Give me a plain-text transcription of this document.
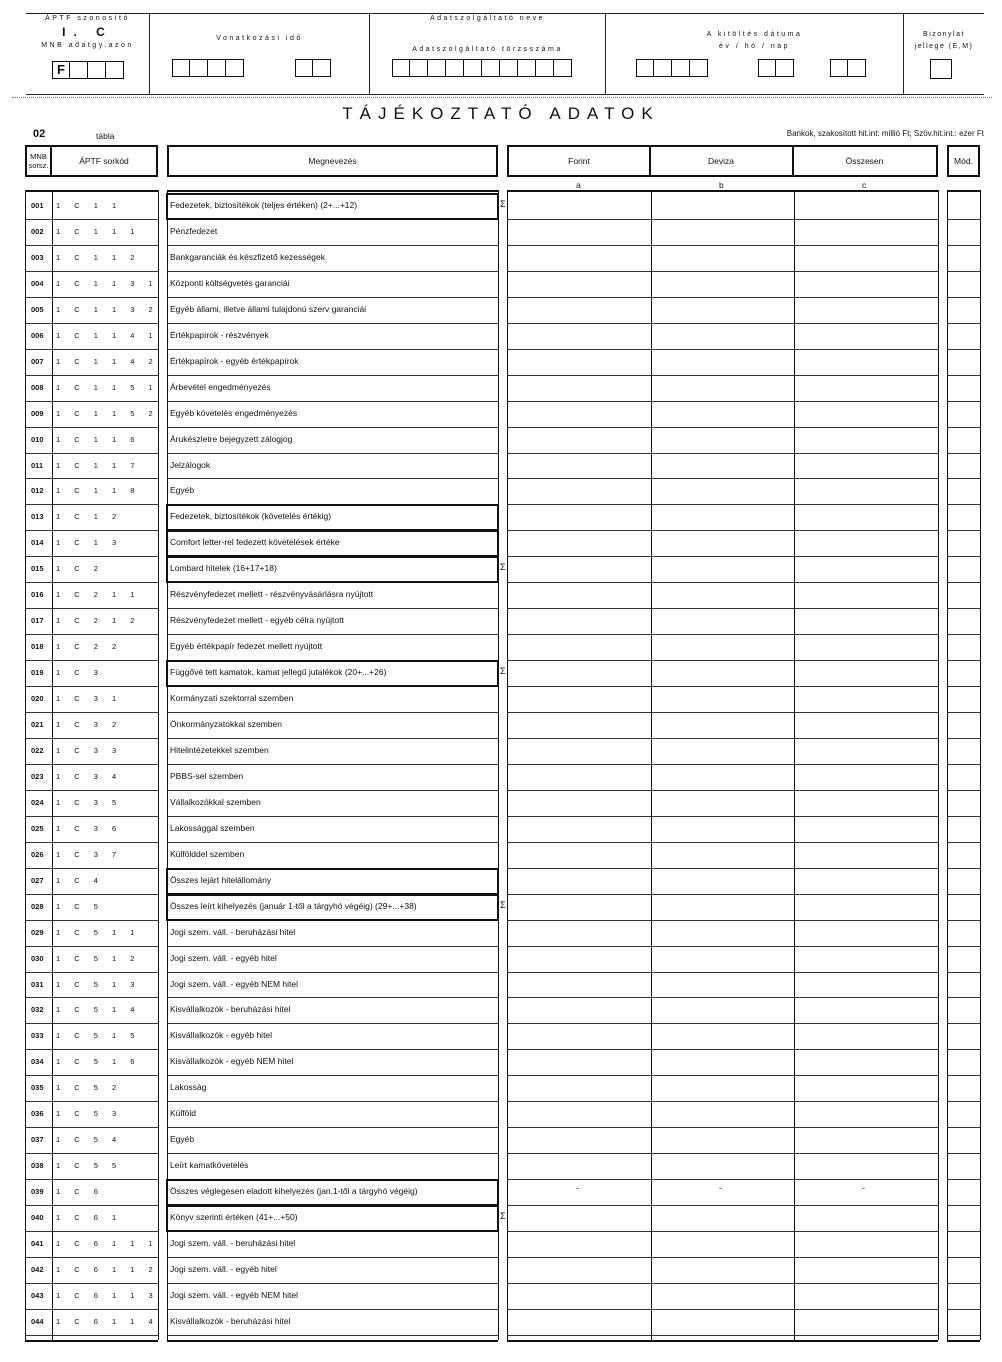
ÁPTF szonosító
I. C
MNB adatgy.azon
F
Vonatkozási idő
Adatszolgáltató neve
Adatszolgáltató törzsszáma
A kitöltés dátuma
év / hó / nap
Bizonylat
jellege (E,M)
TÁJÉKOZTATÓ ADATOK
02	tábla	Bankok, szakosított hit.int: millió Ft; Szöv.hit.int.: ezer Ft
MNB sorsz.	ÁPTF sorkód	Megnevezés	Forint	Deviza	Összesen	Mód.
a	b	c
001 1 C 1 1	Fedezetek, biztosítékok (teljes értéken) (2+...+12)	Σ
002 1 C 1 1 1	Pénzfedezet
003 1 C 1 1 2	Bankgaranciák és készfizető kezességek
004 1 C 1 1 3 1 Központi költségvetés garanciái
005 1 C 1 1 3 2 Egyéb állami, illetve állami tulajdonú szerv garanciái
006 1 C 1 1 4 1 Értékpapírok - részvények
007 1 C 1 1 4 2 Értékpapírok - egyéb értékpapírok
008 1 C 1 1 5 1 Árbevétel engedményezés
009 1 C 1 1 5 2 Egyéb követelés engedményezés
010 1 C 1 1 6	Árukészletre bejegyzett zálogjog
011 1 C 1 1 7	Jelzálogok
012 1 C 1 1 8	Egyéb
013 1 C 1 2	Fedezetek, biztosítékok (követelés értékig)
014 1 C 1 3	Comfort letter-rel fedezett követelések értéke
015 1 C 2	Lombard hitelek (16+17+18)	Σ
016 1 C 2 1 1	Részvényfedezet mellett - részvényvásárlásra nyújtott
017 1 C 2 1 2	Részvényfedezet mellett - egyéb célra nyújtott
018 1 C 2 2	Egyéb értékpapír fedezet mellett nyújtott
019 1 C 3	Függővé tett kamatok, kamat jellegű jutalékok (20+...+26)	Σ
020 1 C 3 1	Kormányzati szektorral szemben
021 1 C 3 2	Önkormányzatokkal szemben
022 1 C 3 3	Hitelintézetekkel szemben
023 1 C 3 4	PBBS-sel szemben
024 1 C 3 5	Vállalkozókkal szemben
025 1 C 3 6	Lakossággal szemben
026 1 C 3 7	Külfölddel szemben
027 1 C 4	Összes lejárt hitelállomány
028 1 C 5	Összes leírt kihelyezés (január 1-től a tárgyhó végéig) (29+...+38)	Σ
029 1 C 5 1 1	Jogi szem. váll. - beruházási hitel
030 1 C 5 1 2	Jogi szem. váll. - egyéb hitel
031 1 C 5 1 3	Jogi szem. váll. - egyéb NEM hitel
032 1 C 5 1 4	Kisvállalkozók - beruházási hitel
033 1 C 5 1 5	Kisvállalkozók - egyéb hitel
034 1 C 5 1 6	Kisvállalkozók - egyéb NEM hitel
035 1 C 5 2	Lakosság
036 1 C 5 3	Külföld
037 1 C 5 4	Egyéb
038 1 C 5 5	Leírt kamatkövetelés
039 1 C 6	Összes véglegesen eladott kihelyezés (jan.1-től a tárgyhó végéig)	-	-	-
040 1 C 6 1	Könyv szerinti értéken (41+...+50)	Σ
041 1 C 6 1 1 1 Jogi szem. váll. - beruházási hitel
042 1 C 6 1 1 2 Jogi szem. váll. - egyéb hitel
043 1 C 6 1 1 3 Jogi szem. váll. - egyéb NEM hitel
044 1 C 6 1 1 4 Kisvállalkozók - beruházási hitel
